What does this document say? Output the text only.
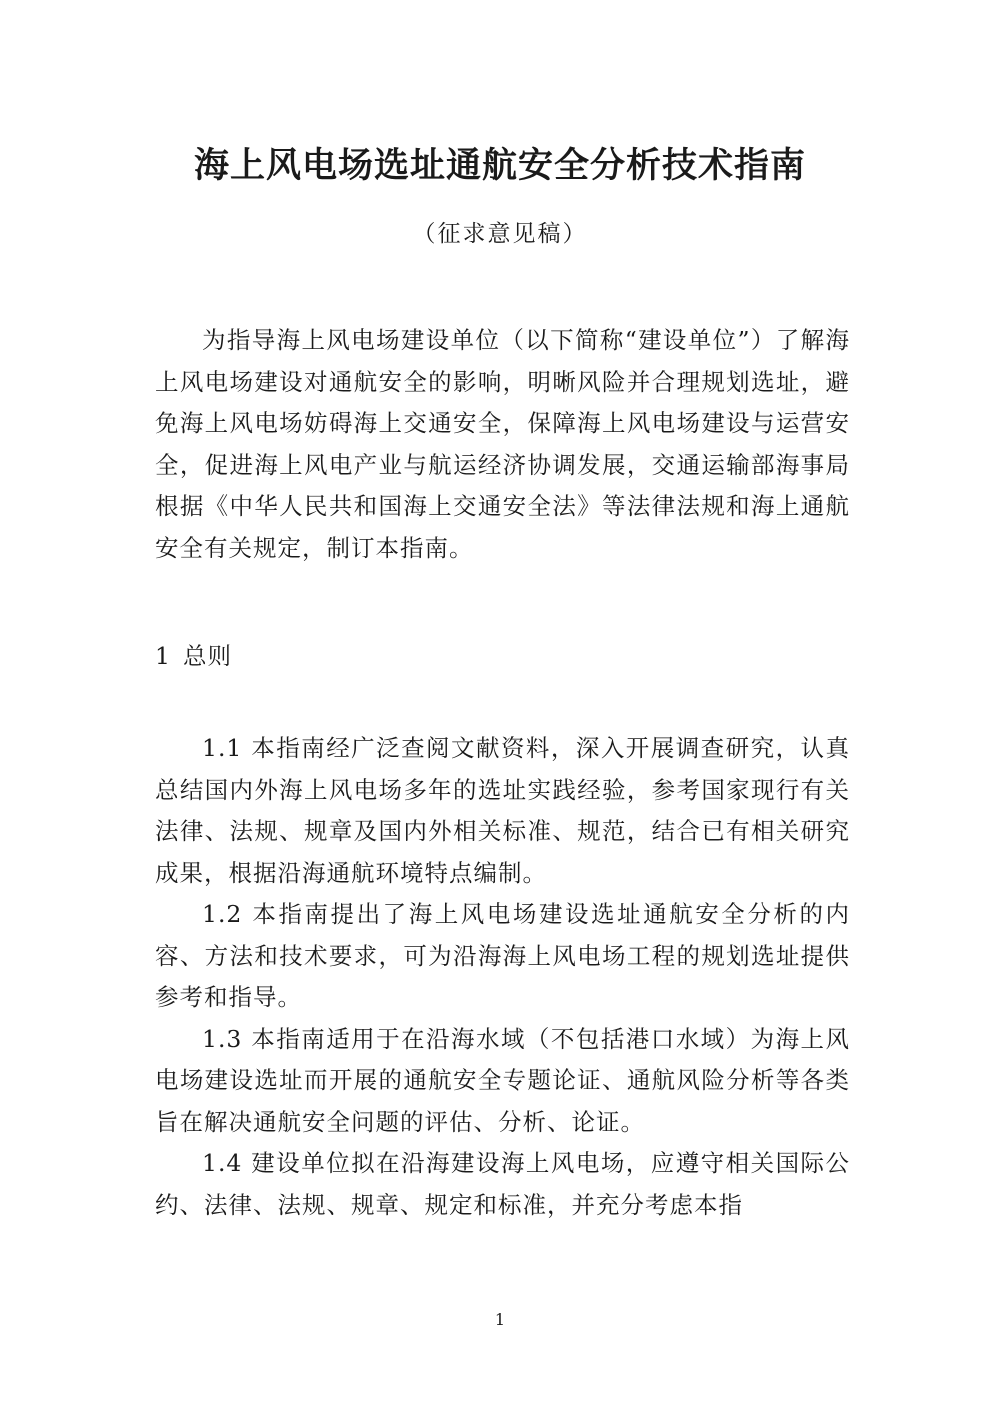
海上风电场选址通航安全分析技术指南
（征求意见稿）

为指导海上风电场建设单位（以下简称“建设单位”）了解海上风电场建设对通航安全的影响，明晰风险并合理规划选址，避免海上风电场妨碍海上交通安全，保障海上风电场建设与运营安全，促进海上风电产业与航运经济协调发展，交通运输部海事局根据《中华人民共和国海上交通安全法》等法律法规和海上通航安全有关规定，制订本指南。

1 总则

1.1 本指南经广泛查阅文献资料，深入开展调查研究，认真总结国内外海上风电场多年的选址实践经验，参考国家现行有关法律、法规、规章及国内外相关标准、规范，结合已有相关研究成果，根据沿海通航环境特点编制。

1.2 本指南提出了海上风电场建设选址通航安全分析的内容、方法和技术要求，可为沿海海上风电场工程的规划选址提供参考和指导。

1.3 本指南适用于在沿海水域（不包括港口水域）为海上风电场建设选址而开展的通航安全专题论证、通航风险分析等各类旨在解决通航安全问题的评估、分析、论证。

1.4 建设单位拟在沿海建设海上风电场，应遵守相关国际公约、法律、法规、规章、规定和标准，并充分考虑本指

1
